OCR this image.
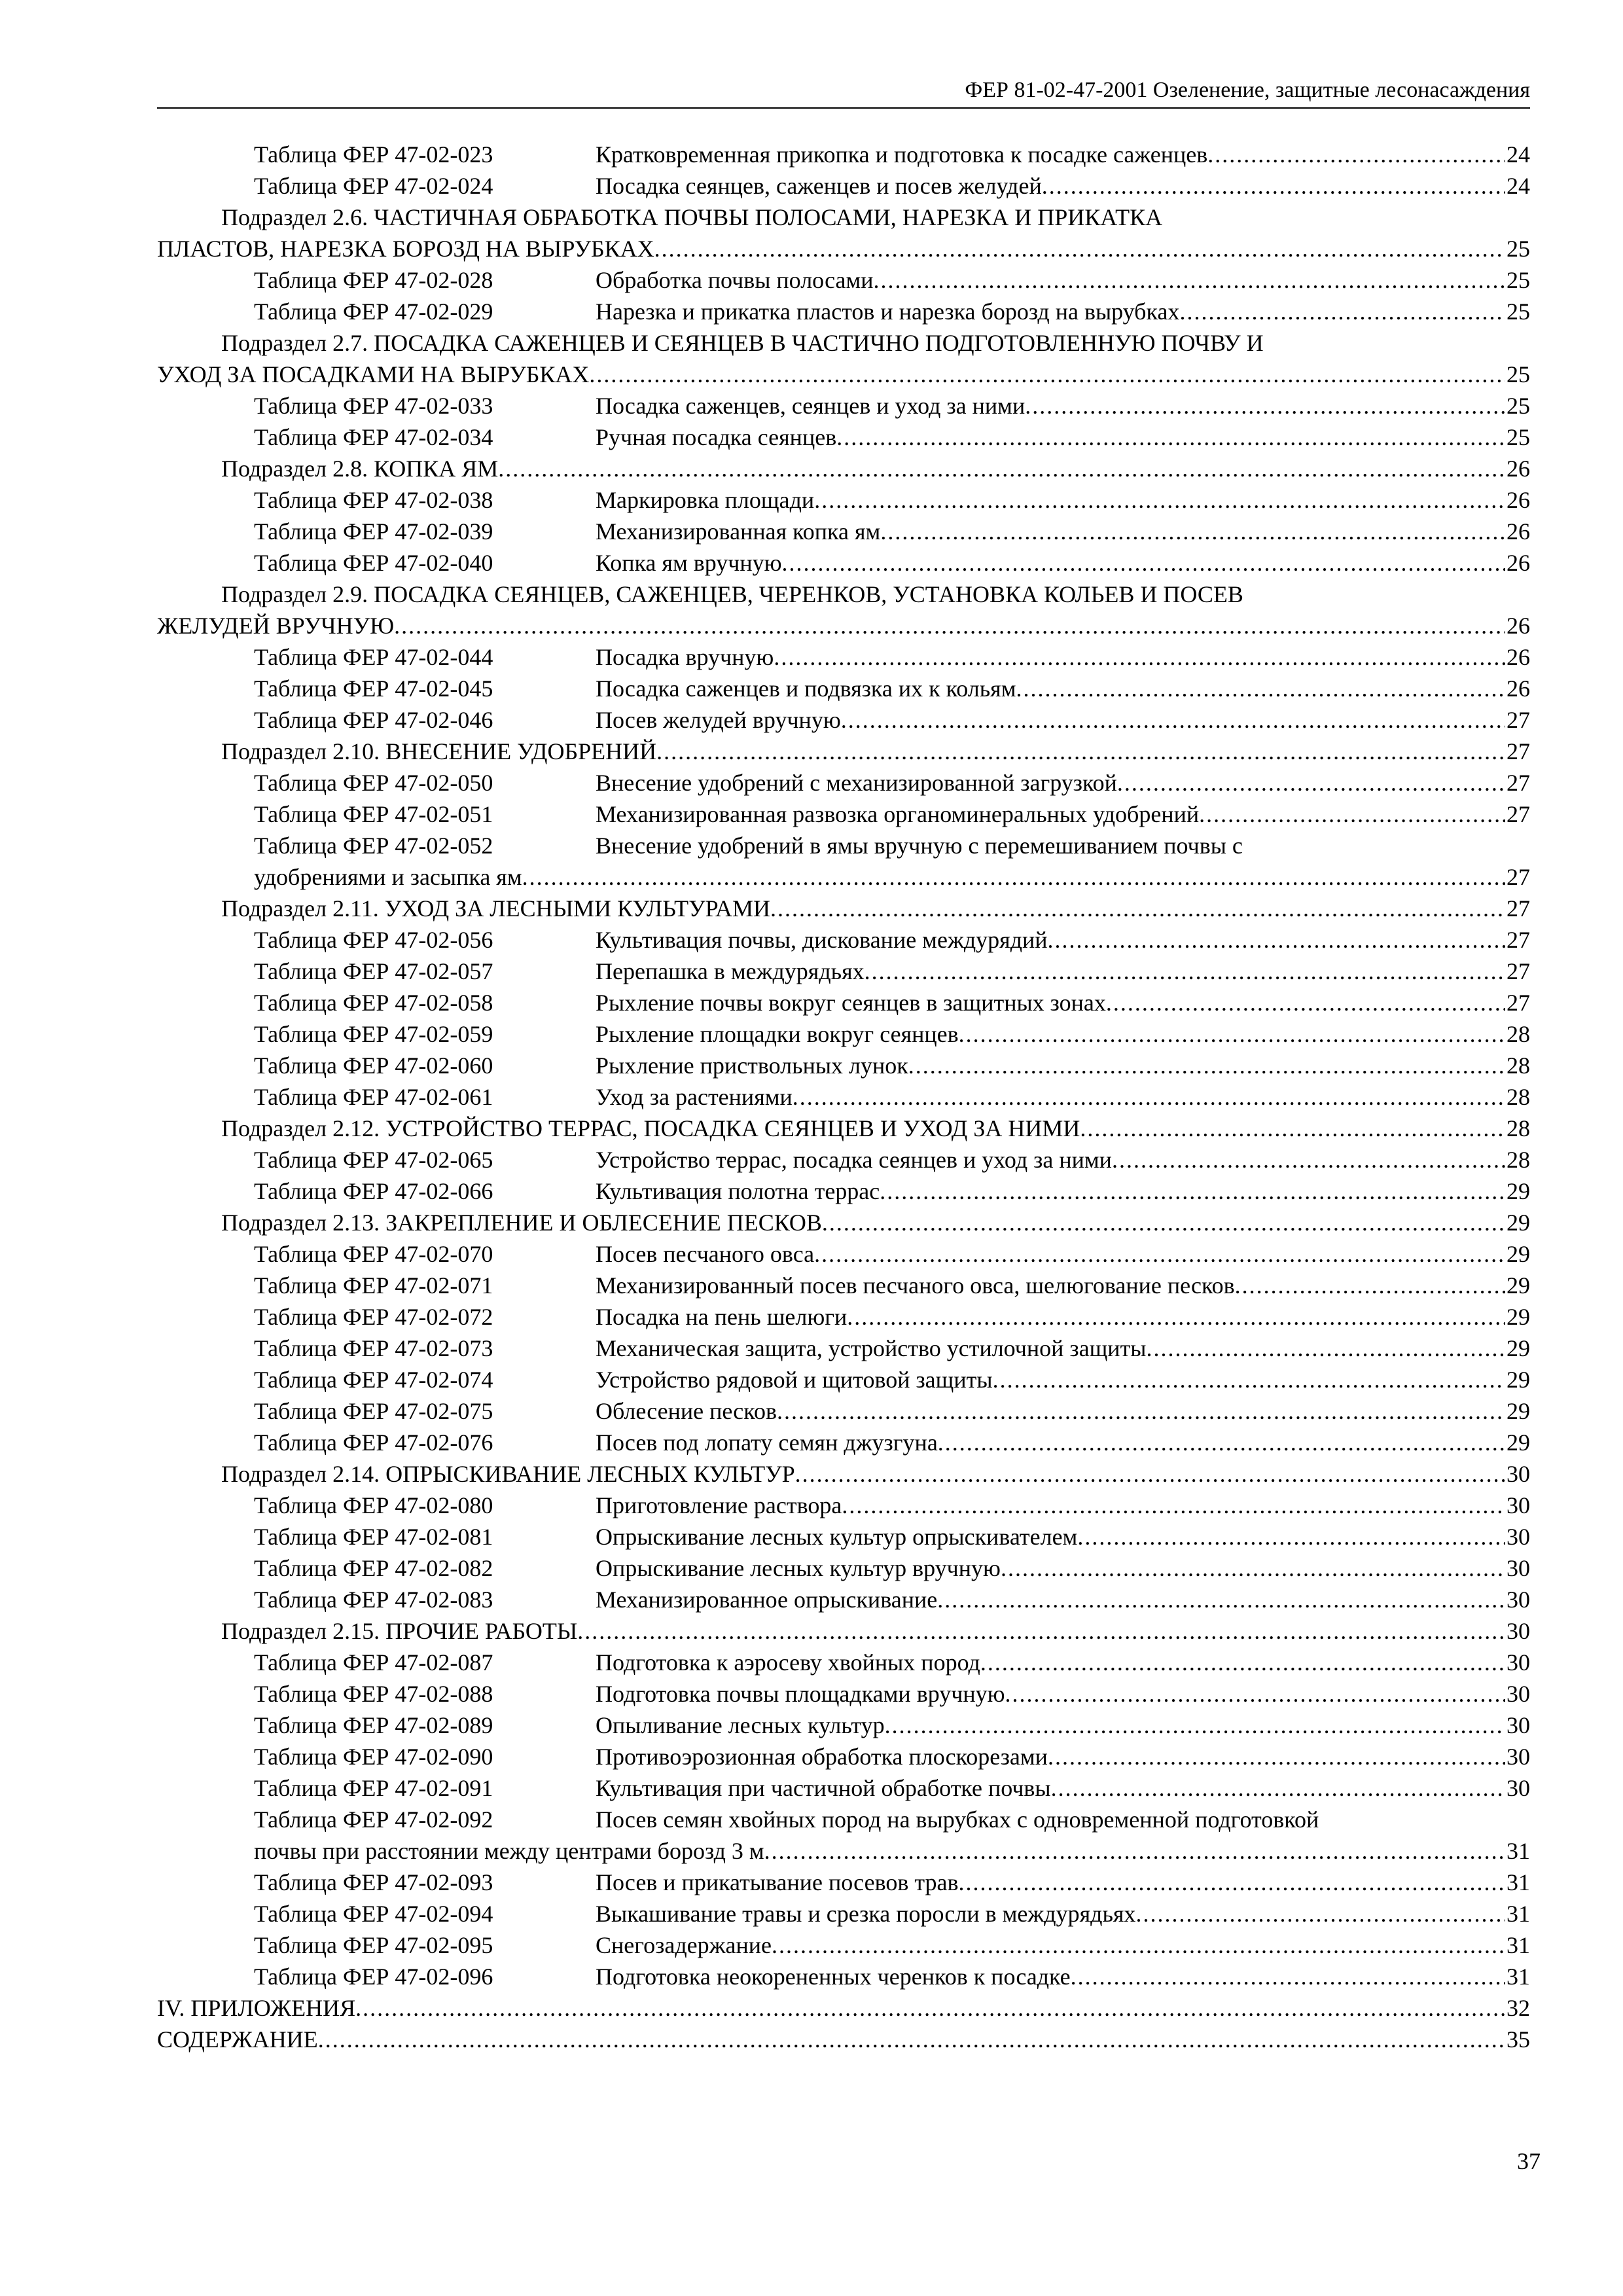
ФЕР 81-02-47-2001 Озеленение, защитные лесонасаждения
Таблица ФЕР 47-02-023	Кратковременная прикопка и подготовка к посадке саженцев .....	24
Таблица ФЕР 47-02-024	Посадка сеянцев, саженцев и посев желудей .....	24
Подраздел 2.6. ЧАСТИЧНАЯ ОБРАБОТКА ПОЧВЫ ПОЛОСАМИ, НАРЕЗКА И ПРИКАТКА
ПЛАСТОВ, НАРЕЗКА БОРОЗД НА ВЫРУБКАХ .....	25
Таблица ФЕР 47-02-028	Обработка почвы полосами .....	25
Таблица ФЕР 47-02-029	Нарезка и прикатка пластов и нарезка борозд на вырубках .....	25
Подраздел 2.7. ПОСАДКА САЖЕНЦЕВ И СЕЯНЦЕВ В ЧАСТИЧНО ПОДГОТОВЛЕННУЮ ПОЧВУ И
УХОД ЗА ПОСАДКАМИ НА ВЫРУБКАХ .....	25
Таблица ФЕР 47-02-033	Посадка саженцев, сеянцев и уход за ними .....	25
Таблица ФЕР 47-02-034	Ручная посадка сеянцев .....	25
Подраздел 2.8. КОПКА ЯМ .....	26
Таблица ФЕР 47-02-038	Маркировка площади .....	26
Таблица ФЕР 47-02-039	Механизированная копка ям .....	26
Таблица ФЕР 47-02-040	Копка ям вручную .....	26
Подраздел 2.9. ПОСАДКА СЕЯНЦЕВ, САЖЕНЦЕВ, ЧЕРЕНКОВ, УСТАНОВКА КОЛЬЕВ И ПОСЕВ
ЖЕЛУДЕЙ ВРУЧНУЮ .....	26
Таблица ФЕР 47-02-044	Посадка вручную .....	26
Таблица ФЕР 47-02-045	Посадка саженцев и подвязка их к кольям .....	26
Таблица ФЕР 47-02-046	Посев желудей вручную .....	27
Подраздел 2.10. ВНЕСЕНИЕ УДОБРЕНИЙ .....	27
Таблица ФЕР 47-02-050	Внесение удобрений с механизированной загрузкой .....	27
Таблица ФЕР 47-02-051	Механизированная развозка органоминеральных удобрений .....	27
Таблица ФЕР 47-02-052	Внесение удобрений в ямы вручную с перемешиванием почвы с
удобрениями и засыпка ям .....	27
Подраздел 2.11. УХОД ЗА ЛЕСНЫМИ КУЛЬТУРАМИ .....	27
Таблица ФЕР 47-02-056	Культивация почвы, дискование междурядий .....	27
Таблица ФЕР 47-02-057	Перепашка в междурядьях .....	27
Таблица ФЕР 47-02-058	Рыхление почвы вокруг сеянцев в защитных зонах .....	27
Таблица ФЕР 47-02-059	Рыхление площадки вокруг сеянцев .....	28
Таблица ФЕР 47-02-060	Рыхление приствольных лунок .....	28
Таблица ФЕР 47-02-061	Уход за растениями .....	28
Подраздел 2.12. УСТРОЙСТВО ТЕРРАС, ПОСАДКА СЕЯНЦЕВ И УХОД ЗА НИМИ .....	28
Таблица ФЕР 47-02-065	Устройство террас, посадка сеянцев и уход за ними .....	28
Таблица ФЕР 47-02-066	Культивация полотна террас .....	29
Подраздел 2.13. ЗАКРЕПЛЕНИЕ И ОБЛЕСЕНИЕ ПЕСКОВ .....	29
Таблица ФЕР 47-02-070	Посев песчаного овса .....	29
Таблица ФЕР 47-02-071	Механизированный посев песчаного овса, шелюгование песков .....	29
Таблица ФЕР 47-02-072	Посадка на пень шелюги .....	29
Таблица ФЕР 47-02-073	Механическая защита, устройство устилочной защиты .....	29
Таблица ФЕР 47-02-074	Устройство рядовой и щитовой защиты .....	29
Таблица ФЕР 47-02-075	Облесение песков .....	29
Таблица ФЕР 47-02-076	Посев под лопату семян джузгуна .....	29
Подраздел 2.14. ОПРЫСКИВАНИЕ ЛЕСНЫХ КУЛЬТУР .....	30
Таблица ФЕР 47-02-080	Приготовление раствора .....	30
Таблица ФЕР 47-02-081	Опрыскивание лесных культур опрыскивателем .....	30
Таблица ФЕР 47-02-082	Опрыскивание лесных культур вручную .....	30
Таблица ФЕР 47-02-083	Механизированное опрыскивание .....	30
Подраздел 2.15. ПРОЧИЕ РАБОТЫ .....	30
Таблица ФЕР 47-02-087	Подготовка к аэросеву хвойных пород .....	30
Таблица ФЕР 47-02-088	Подготовка почвы площадками вручную .....	30
Таблица ФЕР 47-02-089	Опыливание лесных культур .....	30
Таблица ФЕР 47-02-090	Противоэрозионная обработка плоскорезами .....	30
Таблица ФЕР 47-02-091	Культивация при частичной обработке почвы .....	30
Таблица ФЕР 47-02-092	Посев семян хвойных пород на вырубках с одновременной подготовкой
почвы при расстоянии между центрами борозд 3 м .....	31
Таблица ФЕР 47-02-093	Посев и прикатывание посевов трав .....	31
Таблица ФЕР 47-02-094	Выкашивание травы и срезка поросли в междурядьях .....	31
Таблица ФЕР 47-02-095	Снегозадержание .....	31
Таблица ФЕР 47-02-096	Подготовка неокорененных черенков к посадке .....	31
IV. ПРИЛОЖЕНИЯ .....	32
СОДЕРЖАНИЕ .....	35
37
